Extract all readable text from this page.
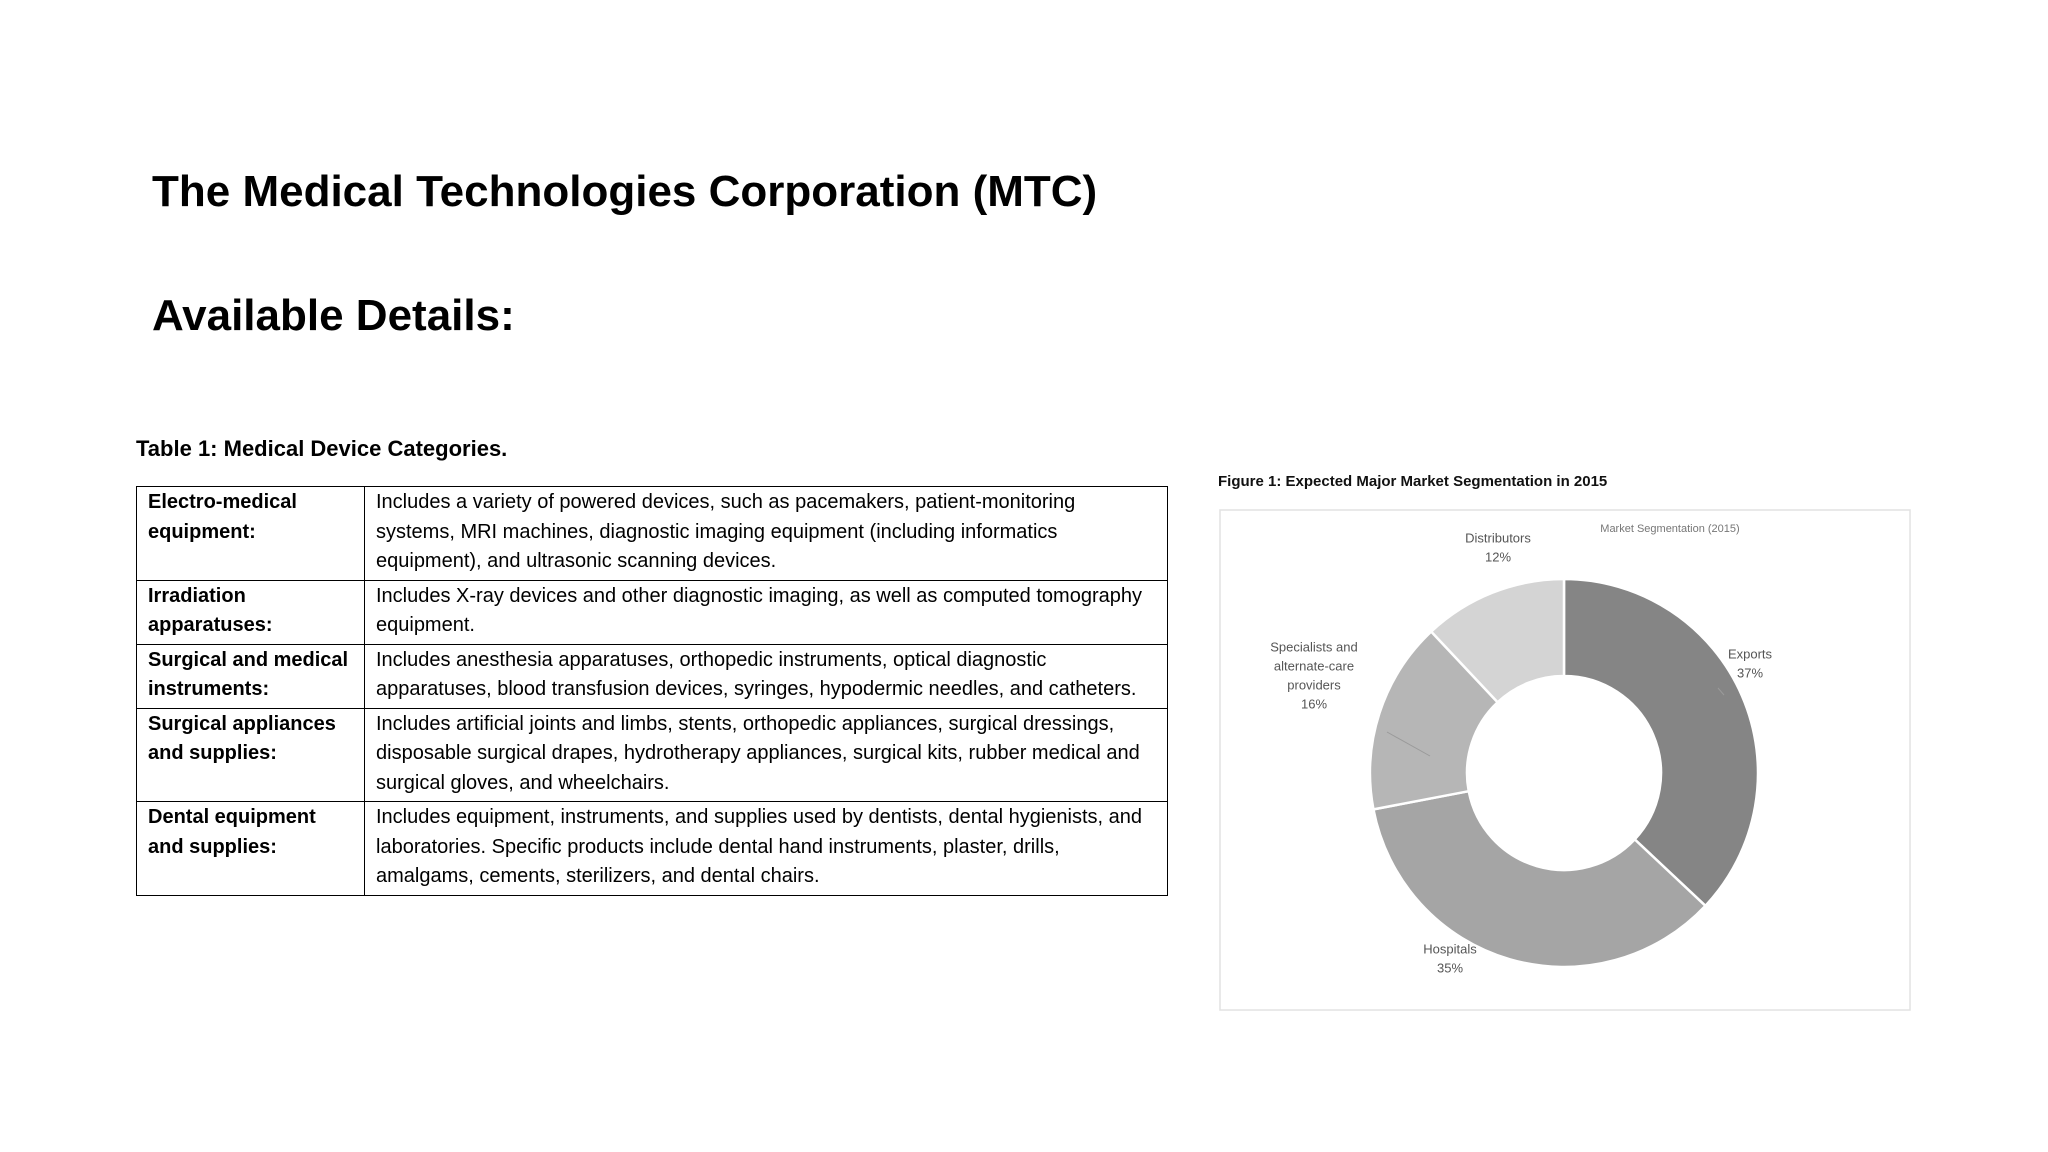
The Medical Technologies Corporation (MTC)
Available Details:
Table 1: Medical Device Categories.
Electro-medical equipment:	Includes a variety of powered devices, such as pacemakers, patient-monitoring systems, MRI machines, diagnostic imaging equipment (including informatics equipment), and ultrasonic scanning devices.
Irradiation apparatuses:	Includes X-ray devices and other diagnostic imaging, as well as computed tomography equipment.
Surgical and medical instruments:	Includes anesthesia apparatuses, orthopedic instruments, optical diagnostic apparatuses, blood transfusion devices, syringes, hypodermic needles, and catheters.
Surgical appliances and supplies:	Includes artificial joints and limbs, stents, orthopedic appliances, surgical dressings, disposable surgical drapes, hydrotherapy appliances, surgical kits, rubber medical and surgical gloves, and wheelchairs.
Dental equipment and supplies:	Includes equipment, instruments, and supplies used by dentists, dental hygienists, and laboratories. Specific products include dental hand instruments, plaster, drills, amalgams, cements, sterilizers, and dental chairs.
Figure 1: Expected Major Market Segmentation in 2015
Market Segmentation (2015)
Exports 37%
Hospitals 35%
Specialists and alternate-care providers 16%
Distributors 12%
